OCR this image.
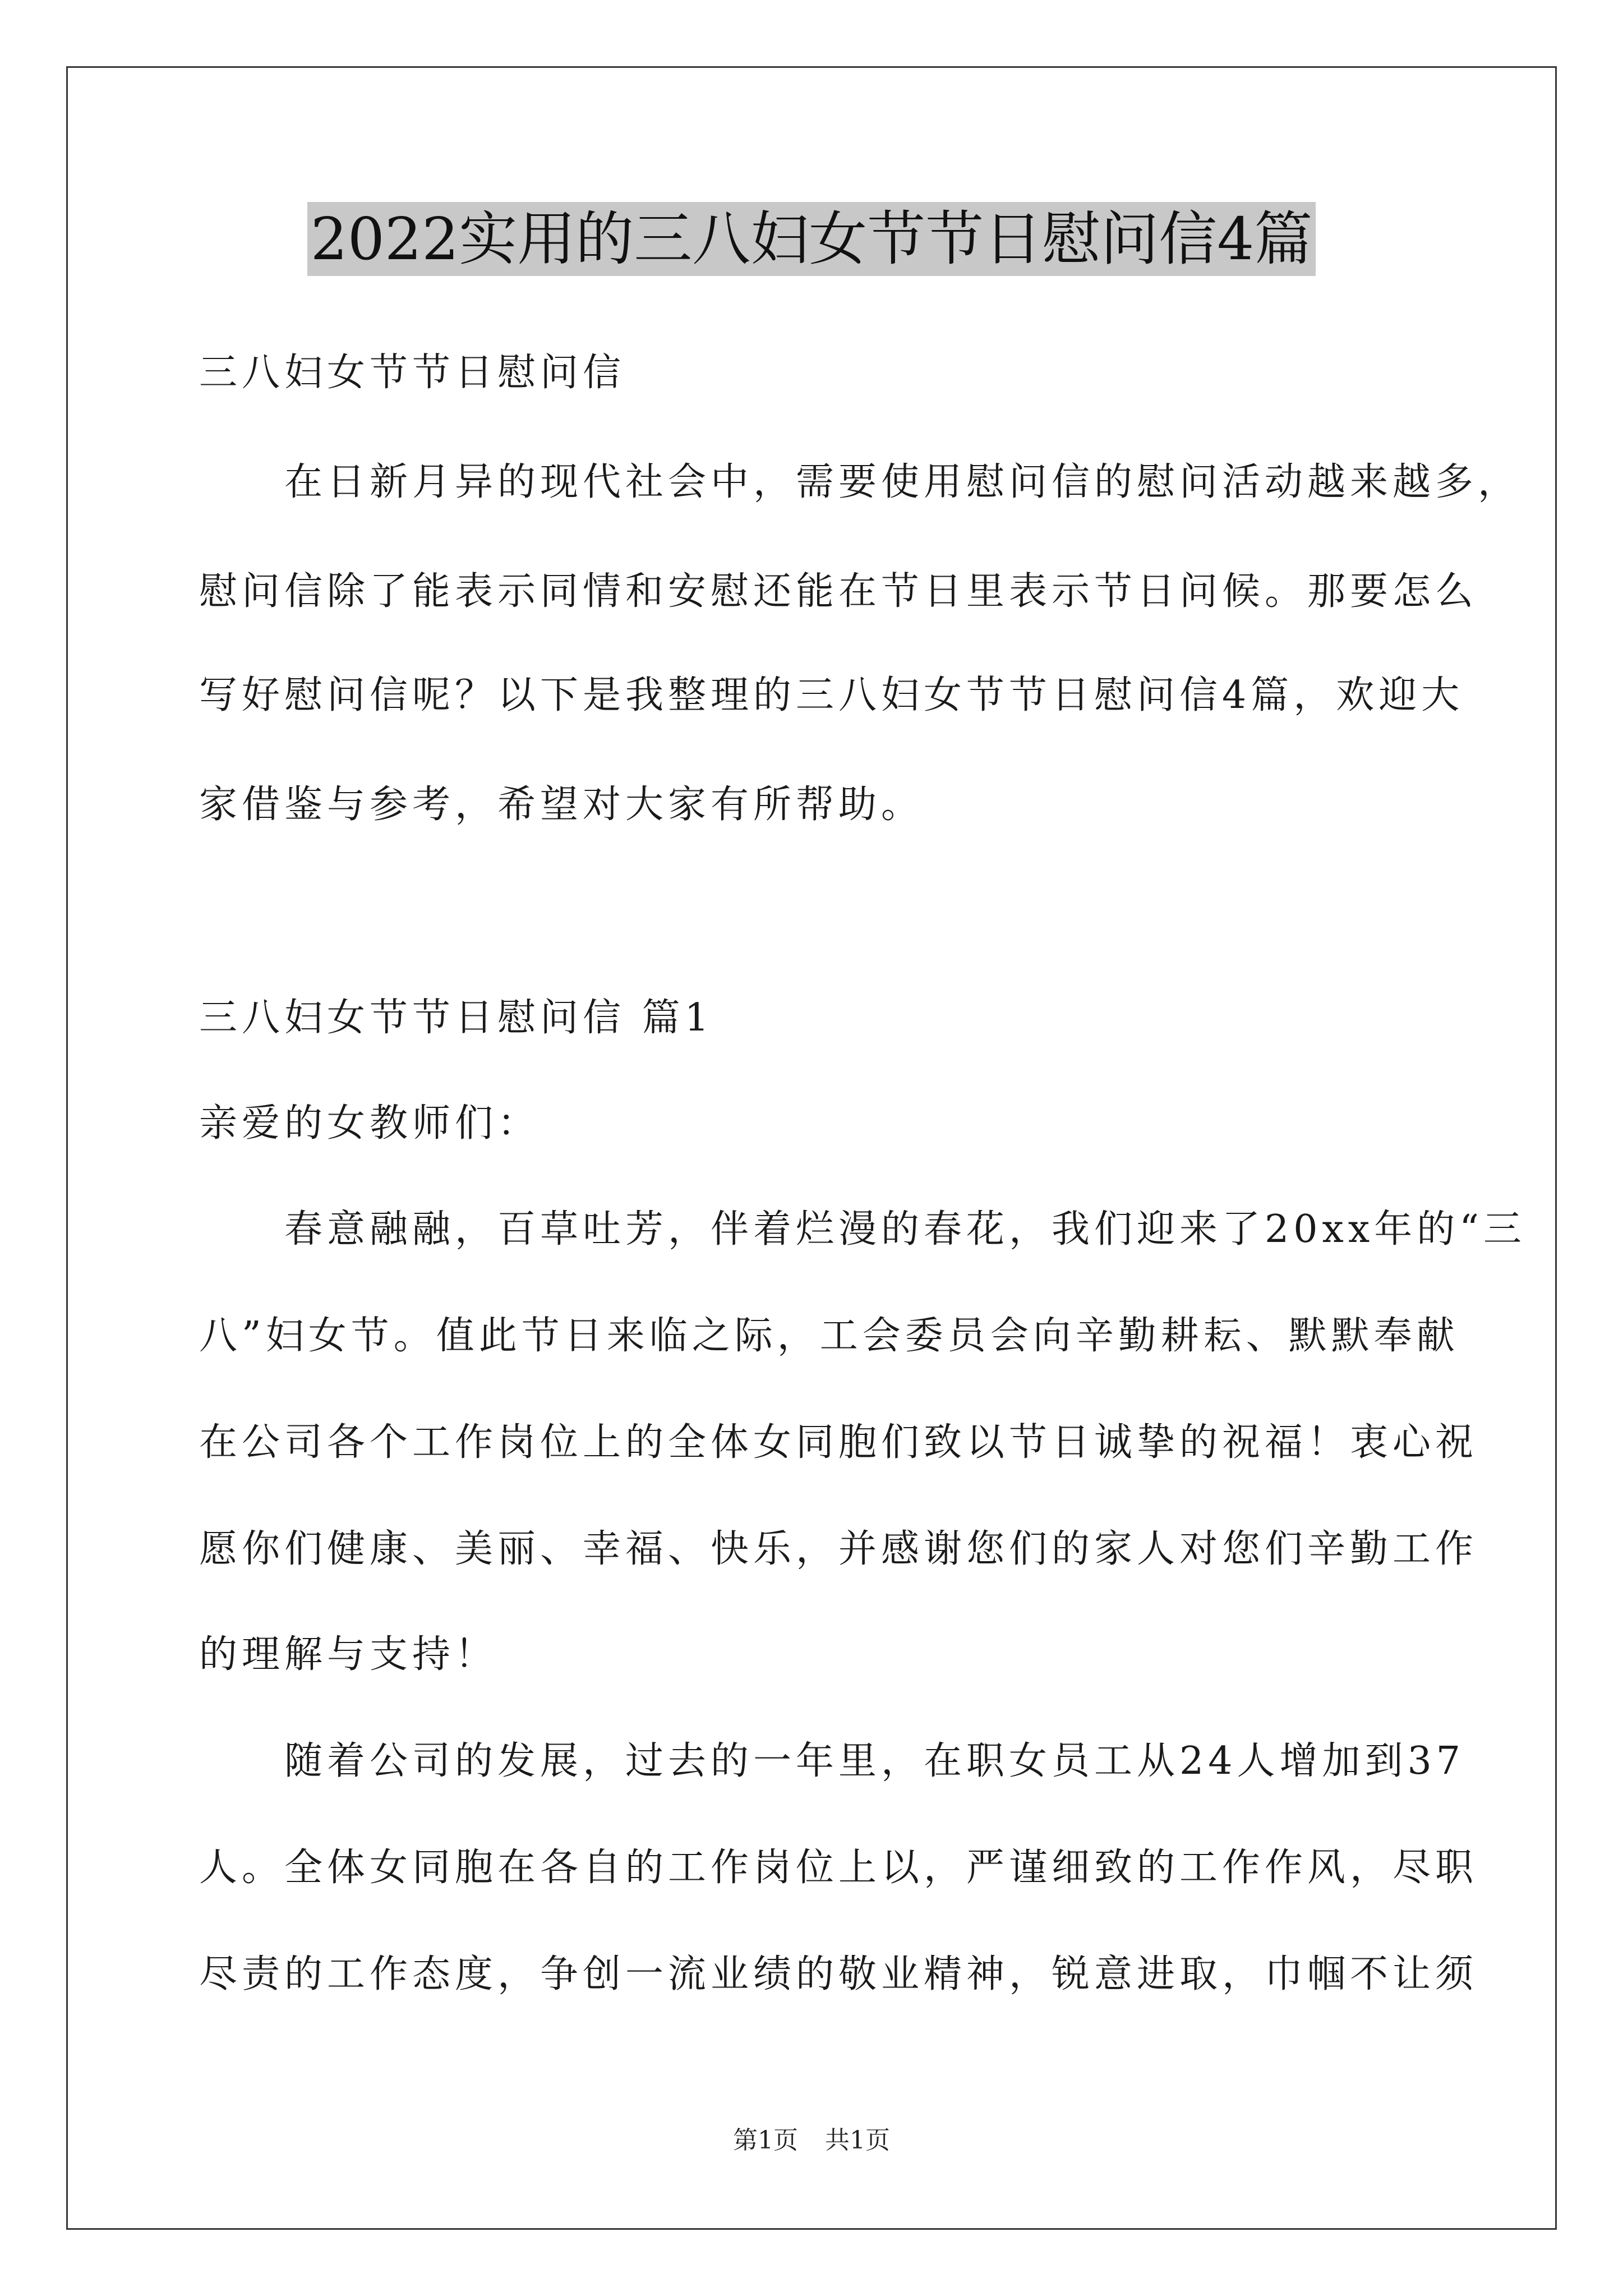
2022实用的三八妇女节节日慰问信4篇
三八妇女节节日慰问信
　　在日新月异的现代社会中，需要使用慰问信的慰问活动越来越多，
慰问信除了能表示同情和安慰还能在节日里表示节日问候。那要怎么
写好慰问信呢？以下是我整理的三八妇女节节日慰问信4篇，欢迎大
家借鉴与参考，希望对大家有所帮助。
三八妇女节节日慰问信 篇1
亲爱的女教师们：
　　春意融融，百草吐芳，伴着烂漫的春花，我们迎来了20xx年的“三
八”妇女节。值此节日来临之际，工会委员会向辛勤耕耘、默默奉献
在公司各个工作岗位上的全体女同胞们致以节日诚挚的祝福！衷心祝
愿你们健康、美丽、幸福、快乐，并感谢您们的家人对您们辛勤工作
的理解与支持！
　　随着公司的发展，过去的一年里，在职女员工从24人增加到37
人。全体女同胞在各自的工作岗位上以，严谨细致的工作作风，尽职
尽责的工作态度，争创一流业绩的敬业精神，锐意进取，巾帼不让须
第1页 共1页
